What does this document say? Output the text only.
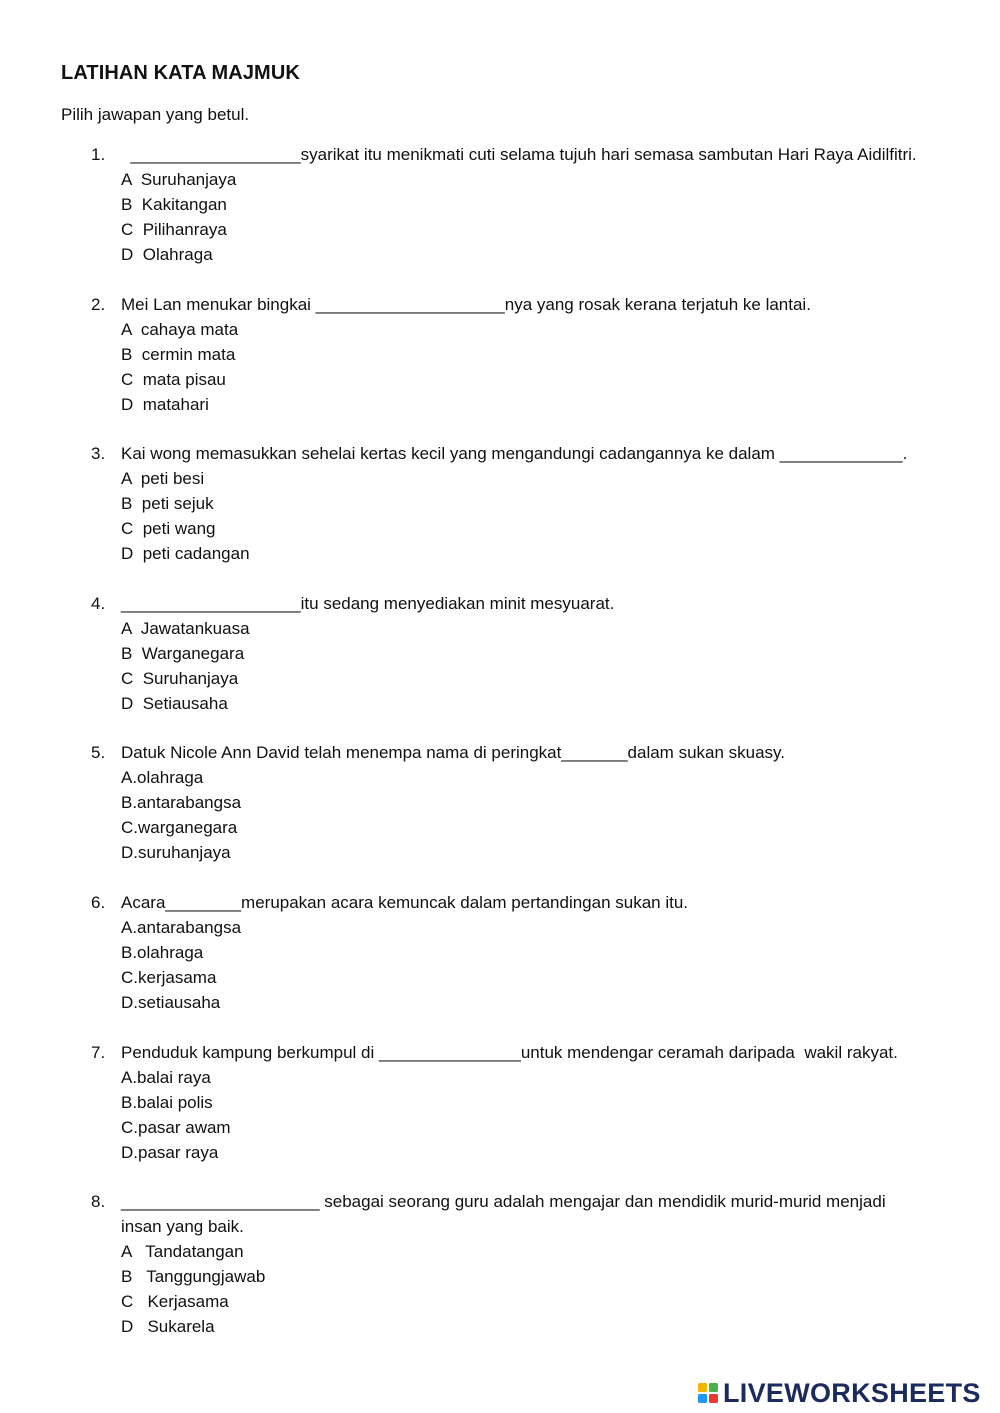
LATIHAN KATA MAJMUK
Pilih jawapan yang betul.
1. __________________syarikat itu menikmati cuti selama tujuh hari semasa sambutan Hari Raya Aidilfitri.
A  Suruhanjaya
B  Kakitangan
C  Pilihanraya
D  Olahraga
2. Mei Lan menukar bingkai ____________________nya yang rosak kerana terjatuh ke lantai.
A  cahaya mata
B  cermin mata
C  mata pisau
D  matahari
3. Kai wong memasukkan sehelai kertas kecil yang mengandungi cadangannya ke dalam _____________.
A  peti besi
B  peti sejuk
C  peti wang
D  peti cadangan
4. ___________________itu sedang menyediakan minit mesyuarat.
A  Jawatankuasa
B  Warganegara
C  Suruhanjaya
D  Setiausaha
5. Datuk Nicole Ann David telah menempa nama di peringkat_______dalam sukan skuasy.
A.olahraga
B.antarabangsa
C.warganegara
D.suruhanjaya
6. Acara________merupakan acara kemuncak dalam pertandingan sukan itu.
A.antarabangsa
B.olahraga
C.kerjasama
D.setiausaha
7. Penduduk kampung berkumpul di _______________untuk mendengar ceramah daripada  wakil rakyat.
A.balai raya
B.balai polis
C.pasar awam
D.pasar raya
8. _____________________ sebagai seorang guru adalah mengajar dan mendidik murid-murid menjadi
insan yang baik.
A   Tandatangan
B   Tanggungjawab
C   Kerjasama
D   Sukarela
LIVEWORKSHEETS
